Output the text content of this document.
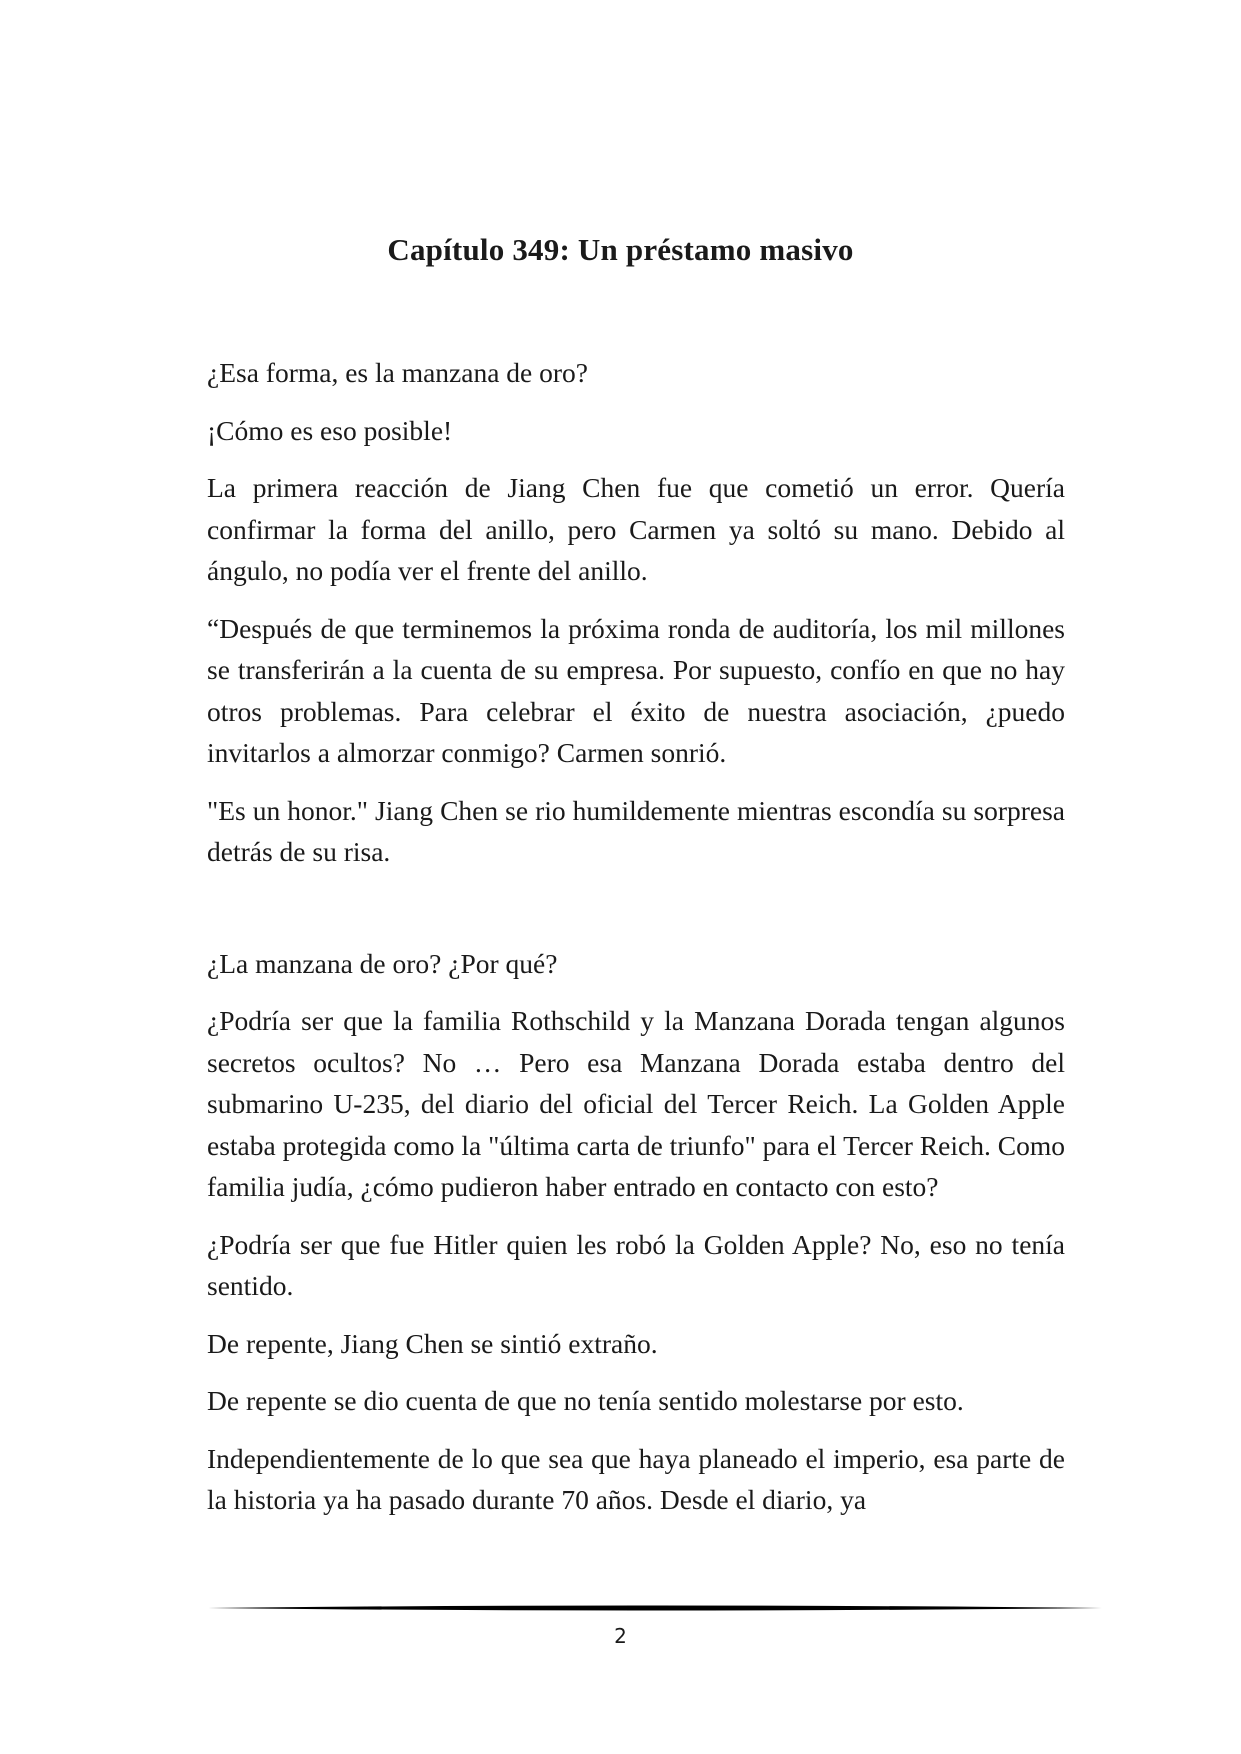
Capítulo 349: Un préstamo masivo

¿Esa forma, es la manzana de oro?

¡Cómo es eso posible!

La primera reacción de Jiang Chen fue que cometió un error. Quería confirmar la forma del anillo, pero Carmen ya soltó su mano. Debido al ángulo, no podía ver el frente del anillo.

“Después de que terminemos la próxima ronda de auditoría, los mil millones se transferirán a la cuenta de su empresa. Por supuesto, confío en que no hay otros problemas. Para celebrar el éxito de nuestra asociación, ¿puedo invitarlos a almorzar conmigo? Carmen sonrió.

"Es un honor." Jiang Chen se rio humildemente mientras escondía su sorpresa detrás de su risa.

¿La manzana de oro? ¿Por qué?

¿Podría ser que la familia Rothschild y la Manzana Dorada tengan algunos secretos ocultos? No … Pero esa Manzana Dorada estaba dentro del submarino U-235, del diario del oficial del Tercer Reich. La Golden Apple estaba protegida como la "última carta de triunfo" para el Tercer Reich. Como familia judía, ¿cómo pudieron haber entrado en contacto con esto?

¿Podría ser que fue Hitler quien les robó la Golden Apple? No, eso no tenía sentido.

De repente, Jiang Chen se sintió extraño.

De repente se dio cuenta de que no tenía sentido molestarse por esto.

Independientemente de lo que sea que haya planeado el imperio, esa parte de la historia ya ha pasado durante 70 años. Desde el diario, ya

2
